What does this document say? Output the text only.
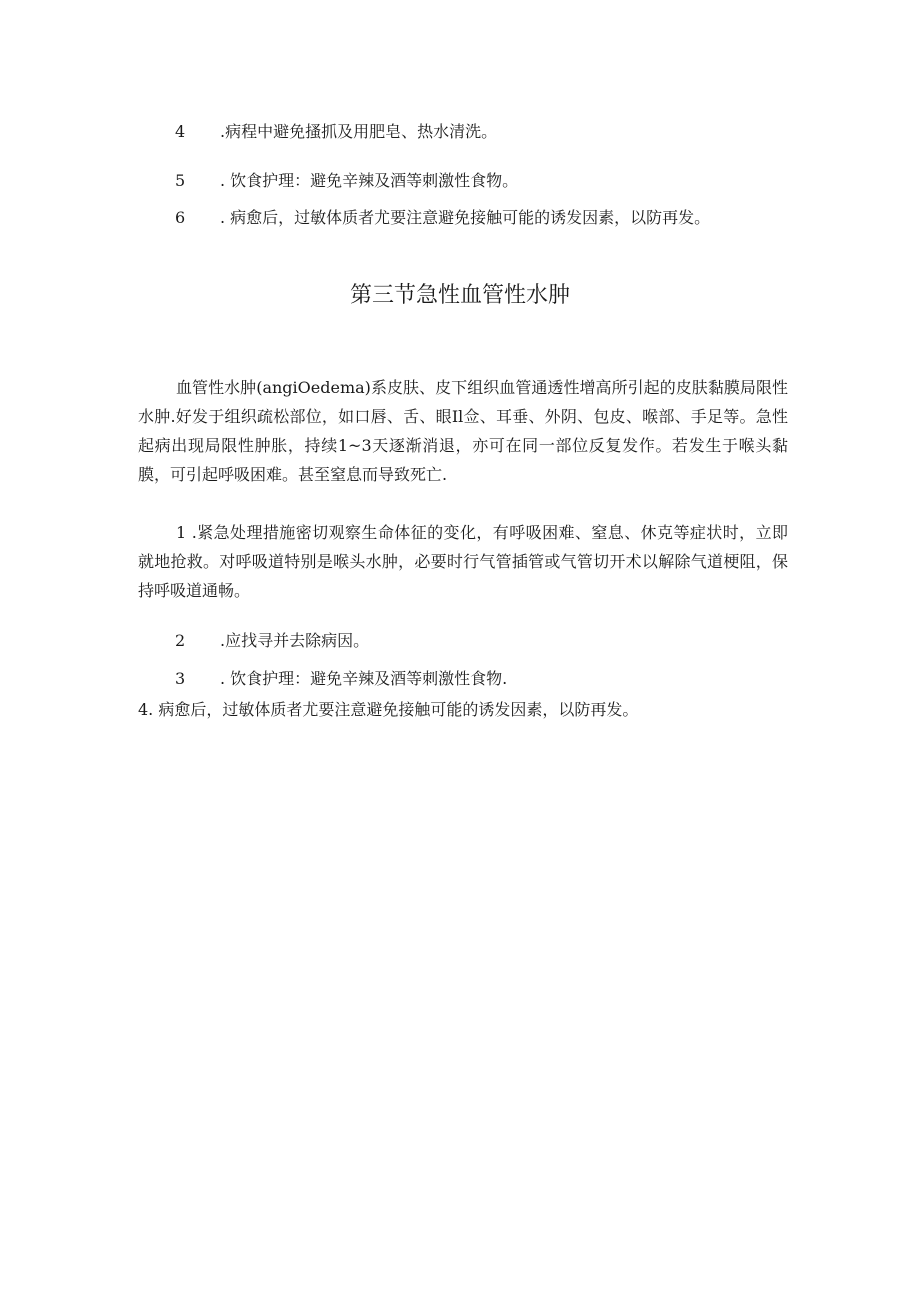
4 .病程中避免搔抓及用肥皂、热水清洗。
5 . 饮食护理：避免辛辣及酒等刺激性食物。
6 . 病愈后，过敏体质者尤要注意避免接触可能的诱发因素，以防再发。
第三节急性血管性水肿
血管性水肿(angiOedema)系皮肤、皮下组织血管通透性增高所引起的皮肤黏膜局限性水肿.好发于组织疏松部位，如口唇、舌、眼Il佥、耳垂、外阴、包皮、喉部、手足等。急性起病出现局限性肿胀，持续1~3天逐渐消退，亦可在同一部位反复发作。若发生于喉头黏膜，可引起呼吸困难。甚至窒息而导致死亡.
1 .紧急处理措施密切观察生命体征的变化，有呼吸困难、窒息、休克等症状时，立即就地抢救。对呼吸道特别是喉头水肿，必要时行气管插管或气管切开术以解除气道梗阻，保持呼吸道通畅。
2 .应找寻并去除病因。
3 . 饮食护理：避免辛辣及酒等刺激性食物.
4. 病愈后，过敏体质者尤要注意避免接触可能的诱发因素，以防再发。
